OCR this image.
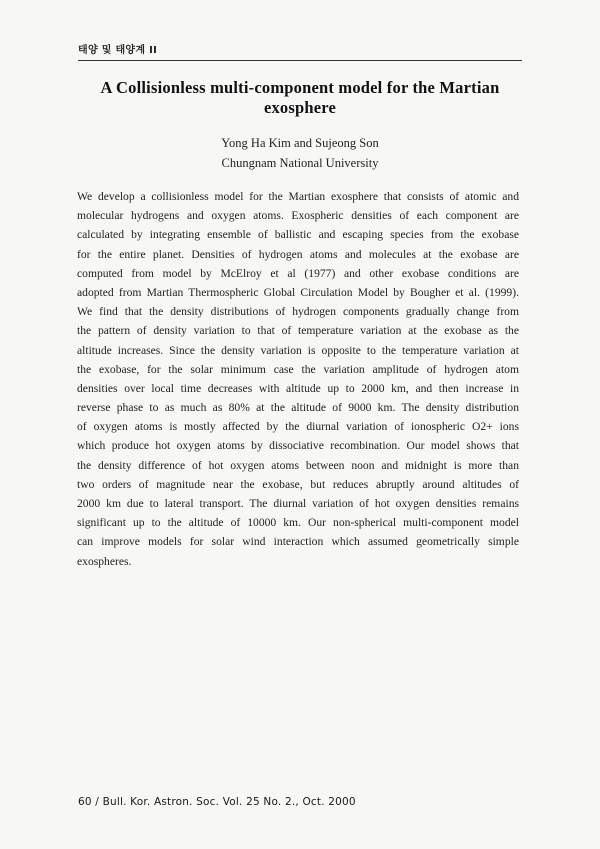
태양 및 태양계 II
A Collisionless multi-component model for the Martian
exosphere
Yong Ha Kim and Sujeong Son
Chungnam National University
We develop a collisionless model for the Martian exosphere that consists of atomic and
molecular hydrogens and oxygen atoms. Exospheric densities of each component are
calculated by integrating ensemble of ballistic and escaping species from the exobase
for the entire planet. Densities of hydrogen atoms and molecules at the exobase are
computed from model by McElroy et al (1977) and other exobase conditions are
adopted from Martian Thermospheric Global Circulation Model by Bougher et al. (1999).
We find that the density distributions of hydrogen components gradually change from
the pattern of density variation to that of temperature variation at the exobase as the
altitude increases. Since the density variation is opposite to the temperature variation at
the exobase, for the solar minimum case the variation amplitude of hydrogen atom
densities over local time decreases with altitude up to 2000 km, and then increase in
reverse phase to as much as 80% at the altitude of 9000 km. The density distribution
of oxygen atoms is mostly affected by the diurnal variation of ionospheric O2+ ions
which produce hot oxygen atoms by dissociative recombination. Our model shows that
the density difference of hot oxygen atoms between noon and midnight is more than
two orders of magnitude near the exobase, but reduces abruptly around altitudes of
2000 km due to lateral transport. The diurnal variation of hot oxygen densities remains
significant up to the altitude of 10000 km. Our non-spherical multi-component model
can improve models for solar wind interaction which assumed geometrically simple
exospheres.
60 / Bull. Kor. Astron. Soc. Vol. 25 No. 2., Oct. 2000
